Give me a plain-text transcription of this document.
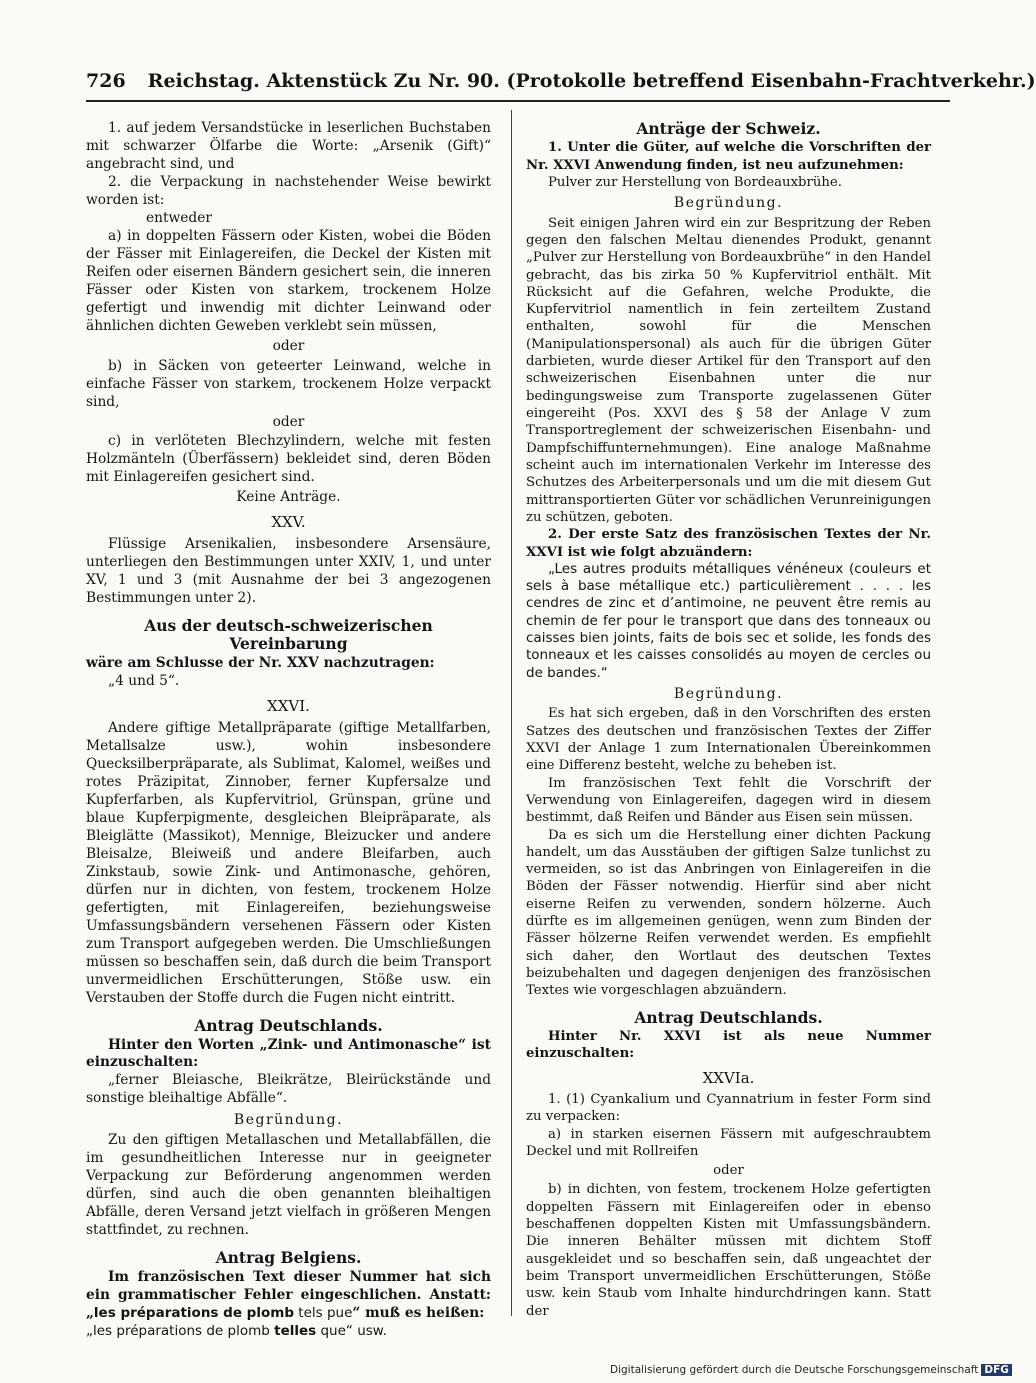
726 Reichstag. Aktenstück Zu Nr. 90. (Protokolle betreffend Eisenbahn-Frachtverkehr.)

1. auf jedem Versandstücke in leserlichen Buchstaben mit schwarzer Ölfarbe die Worte: „Arsenik (Gift)“ angebracht sind, und

2. die Verpackung in nachstehender Weise bewirkt worden ist:

entweder

a) in doppelten Fässern oder Kisten, wobei die Böden der Fässer mit Einlagereifen, die Deckel der Kisten mit Reifen oder eisernen Bändern gesichert sein, die inneren Fässer oder Kisten von starkem, trockenem Holze gefertigt und inwendig mit dichter Leinwand oder ähnlichen dichten Geweben verklebt sein müssen,

oder

b) in Säcken von geteerter Leinwand, welche in einfache Fässer von starkem, trockenem Holze verpackt sind,

oder

c) in verlöteten Blechzylindern, welche mit festen Holzmänteln (Überfässern) bekleidet sind, deren Böden mit Einlagereifen gesichert sind.

Keine Anträge.

XXV.

Flüssige Arsenikalien, insbesondere Arsensäure, unterliegen den Bestimmungen unter XXIV, 1, und unter XV, 1 und 3 (mit Ausnahme der bei 3 angezogenen Bestimmungen unter 2).

Aus der deutsch-schweizerischen Vereinbarung

wäre am Schlusse der Nr. XXV nachzutragen:

„4 und 5“.

XXVI.

Andere giftige Metallpräparate (giftige Metallfarben, Metallsalze usw.), wohin insbesondere Quecksilberpräparate, als Sublimat, Kalomel, weißes und rotes Präzipitat, Zinnober, ferner Kupfersalze und Kupferfarben, als Kupfervitriol, Grünspan, grüne und blaue Kupferpigmente, desgleichen Bleipräparate, als Bleiglätte (Massikot), Mennige, Bleizucker und andere Bleisalze, Bleiweiß und andere Bleifarben, auch Zinkstaub, sowie Zink- und Antimonasche, gehören, dürfen nur in dichten, von festem, trockenem Holze gefertigten, mit Einlagereifen, beziehungsweise Umfassungsbändern versehenen Fässern oder Kisten zum Transport aufgegeben werden. Die Umschließungen müssen so beschaffen sein, daß durch die beim Transport unvermeidlichen Erschütterungen, Stöße usw. ein Verstauben der Stoffe durch die Fugen nicht eintritt.

Antrag Deutschlands.

Hinter den Worten „Zink- und Antimonasche“ ist einzuschalten:

„ferner Bleiasche, Bleikrätze, Bleirückstände und sonstige bleihaltige Abfälle“.

Begründung.

Zu den giftigen Metallaschen und Metallabfällen, die im gesundheitlichen Interesse nur in geeigneter Verpackung zur Beförderung angenommen werden dürfen, sind auch die oben genannten bleihaltigen Abfälle, deren Versand jetzt vielfach in größeren Mengen stattfindet, zu rechnen.

Antrag Belgiens.

Im französischen Text dieser Nummer hat sich ein grammatischer Fehler eingeschlichen. Anstatt: „les préparations de plomb tels pue“ muß es heißen:

„les préparations de plomb telles que“ usw.

Anträge der Schweiz.

1. Unter die Güter, auf welche die Vorschriften der Nr. XXVI Anwendung finden, ist neu aufzunehmen:

Pulver zur Herstellung von Bordeauxbrühe.

Begründung.

Seit einigen Jahren wird ein zur Bespritzung der Reben gegen den falschen Meltau dienendes Produkt, genannt „Pulver zur Herstellung von Bordeauxbrühe“ in den Handel gebracht, das bis zirka 50 % Kupfervitriol enthält. Mit Rücksicht auf die Gefahren, welche Produkte, die Kupfervitriol namentlich in fein zerteiltem Zustand enthalten, sowohl für die Menschen (Manipulationspersonal) als auch für die übrigen Güter darbieten, wurde dieser Artikel für den Transport auf den schweizerischen Eisenbahnen unter die nur bedingungsweise zum Transporte zugelassenen Güter eingereiht (Pos. XXVI des § 58 der Anlage V zum Transportreglement der schweizerischen Eisenbahn- und Dampfschiffunternehmungen). Eine analoge Maßnahme scheint auch im internationalen Verkehr im Interesse des Schutzes des Arbeiterpersonals und um die mit diesem Gut mittransportierten Güter vor schädlichen Verunreinigungen zu schützen, geboten.

2. Der erste Satz des französischen Textes der Nr. XXVI ist wie folgt abzuändern:

„Les autres produits métalliques vénéneux (couleurs et sels à base métallique etc.) particulièrement . . . . les cendres de zinc et d’antimoine, ne peuvent être remis au chemin de fer pour le transport que dans des tonneaux ou caisses bien joints, faits de bois sec et solide, les fonds des tonneaux et les caisses consolidés au moyen de cercles ou de bandes.“

Begründung.

Es hat sich ergeben, daß in den Vorschriften des ersten Satzes des deutschen und französischen Textes der Ziffer XXVI der Anlage 1 zum Internationalen Übereinkommen eine Differenz besteht, welche zu beheben ist.

Im französischen Text fehlt die Vorschrift der Verwendung von Einlagereifen, dagegen wird in diesem bestimmt, daß Reifen und Bänder aus Eisen sein müssen.

Da es sich um die Herstellung einer dichten Packung handelt, um das Ausstäuben der giftigen Salze tunlichst zu vermeiden, so ist das Anbringen von Einlagereifen in die Böden der Fässer notwendig. Hierfür sind aber nicht eiserne Reifen zu verwenden, sondern hölzerne. Auch dürfte es im allgemeinen genügen, wenn zum Binden der Fässer hölzerne Reifen verwendet werden. Es empfiehlt sich daher, den Wortlaut des deutschen Textes beizubehalten und dagegen denjenigen des französischen Textes wie vorgeschlagen abzuändern.

Antrag Deutschlands.

Hinter Nr. XXVI ist als neue Nummer einzuschalten:

XXVIa.

1. (1) Cyankalium und Cyannatrium in fester Form sind zu verpacken:

a) in starken eisernen Fässern mit aufgeschraubtem Deckel und mit Rollreifen

oder

b) in dichten, von festem, trockenem Holze gefertigten doppelten Fässern mit Einlagereifen oder in ebenso beschaffenen doppelten Kisten mit Umfassungsbändern. Die inneren Behälter müssen mit dichtem Stoff ausgekleidet und so beschaffen sein, daß ungeachtet der beim Transport unvermeidlichen Erschütterungen, Stöße usw. kein Staub vom Inhalte hindurchdringen kann. Statt der

Digitalisierung gefördert durch die Deutsche Forschungsgemeinschaft DFG
